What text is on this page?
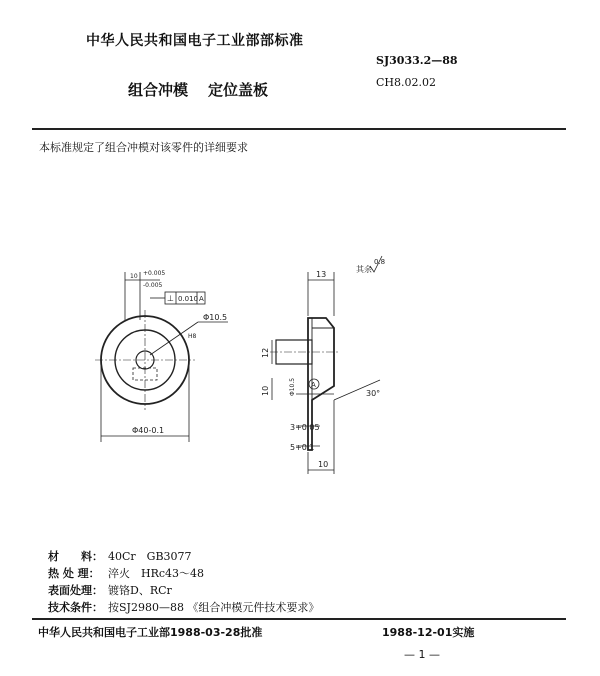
中华人民共和国电子工业部部标准
SJ3033.2—88
CH8.02.02
组合冲模 定位盖板
本标准规定了组合冲模对该零件的详细要求
+0.005
10
-0.005
⊥ 0.010 A
Φ10.5
H8
Φ40-0.1
其余
0.8
13
12
10	Φ10.5 A
30°
3+0.05
5+0.1
10
材　　料： 40Cr　GB3077
热 处 理： 淬火　HRc43～48
表面处理： 镀铬D、RCr
技术条件： 按SJ2980—88 《组合冲模元件技术要求》
中华人民共和国电子工业部1988-03-28批准	1988-12-01实施
— 1 —
